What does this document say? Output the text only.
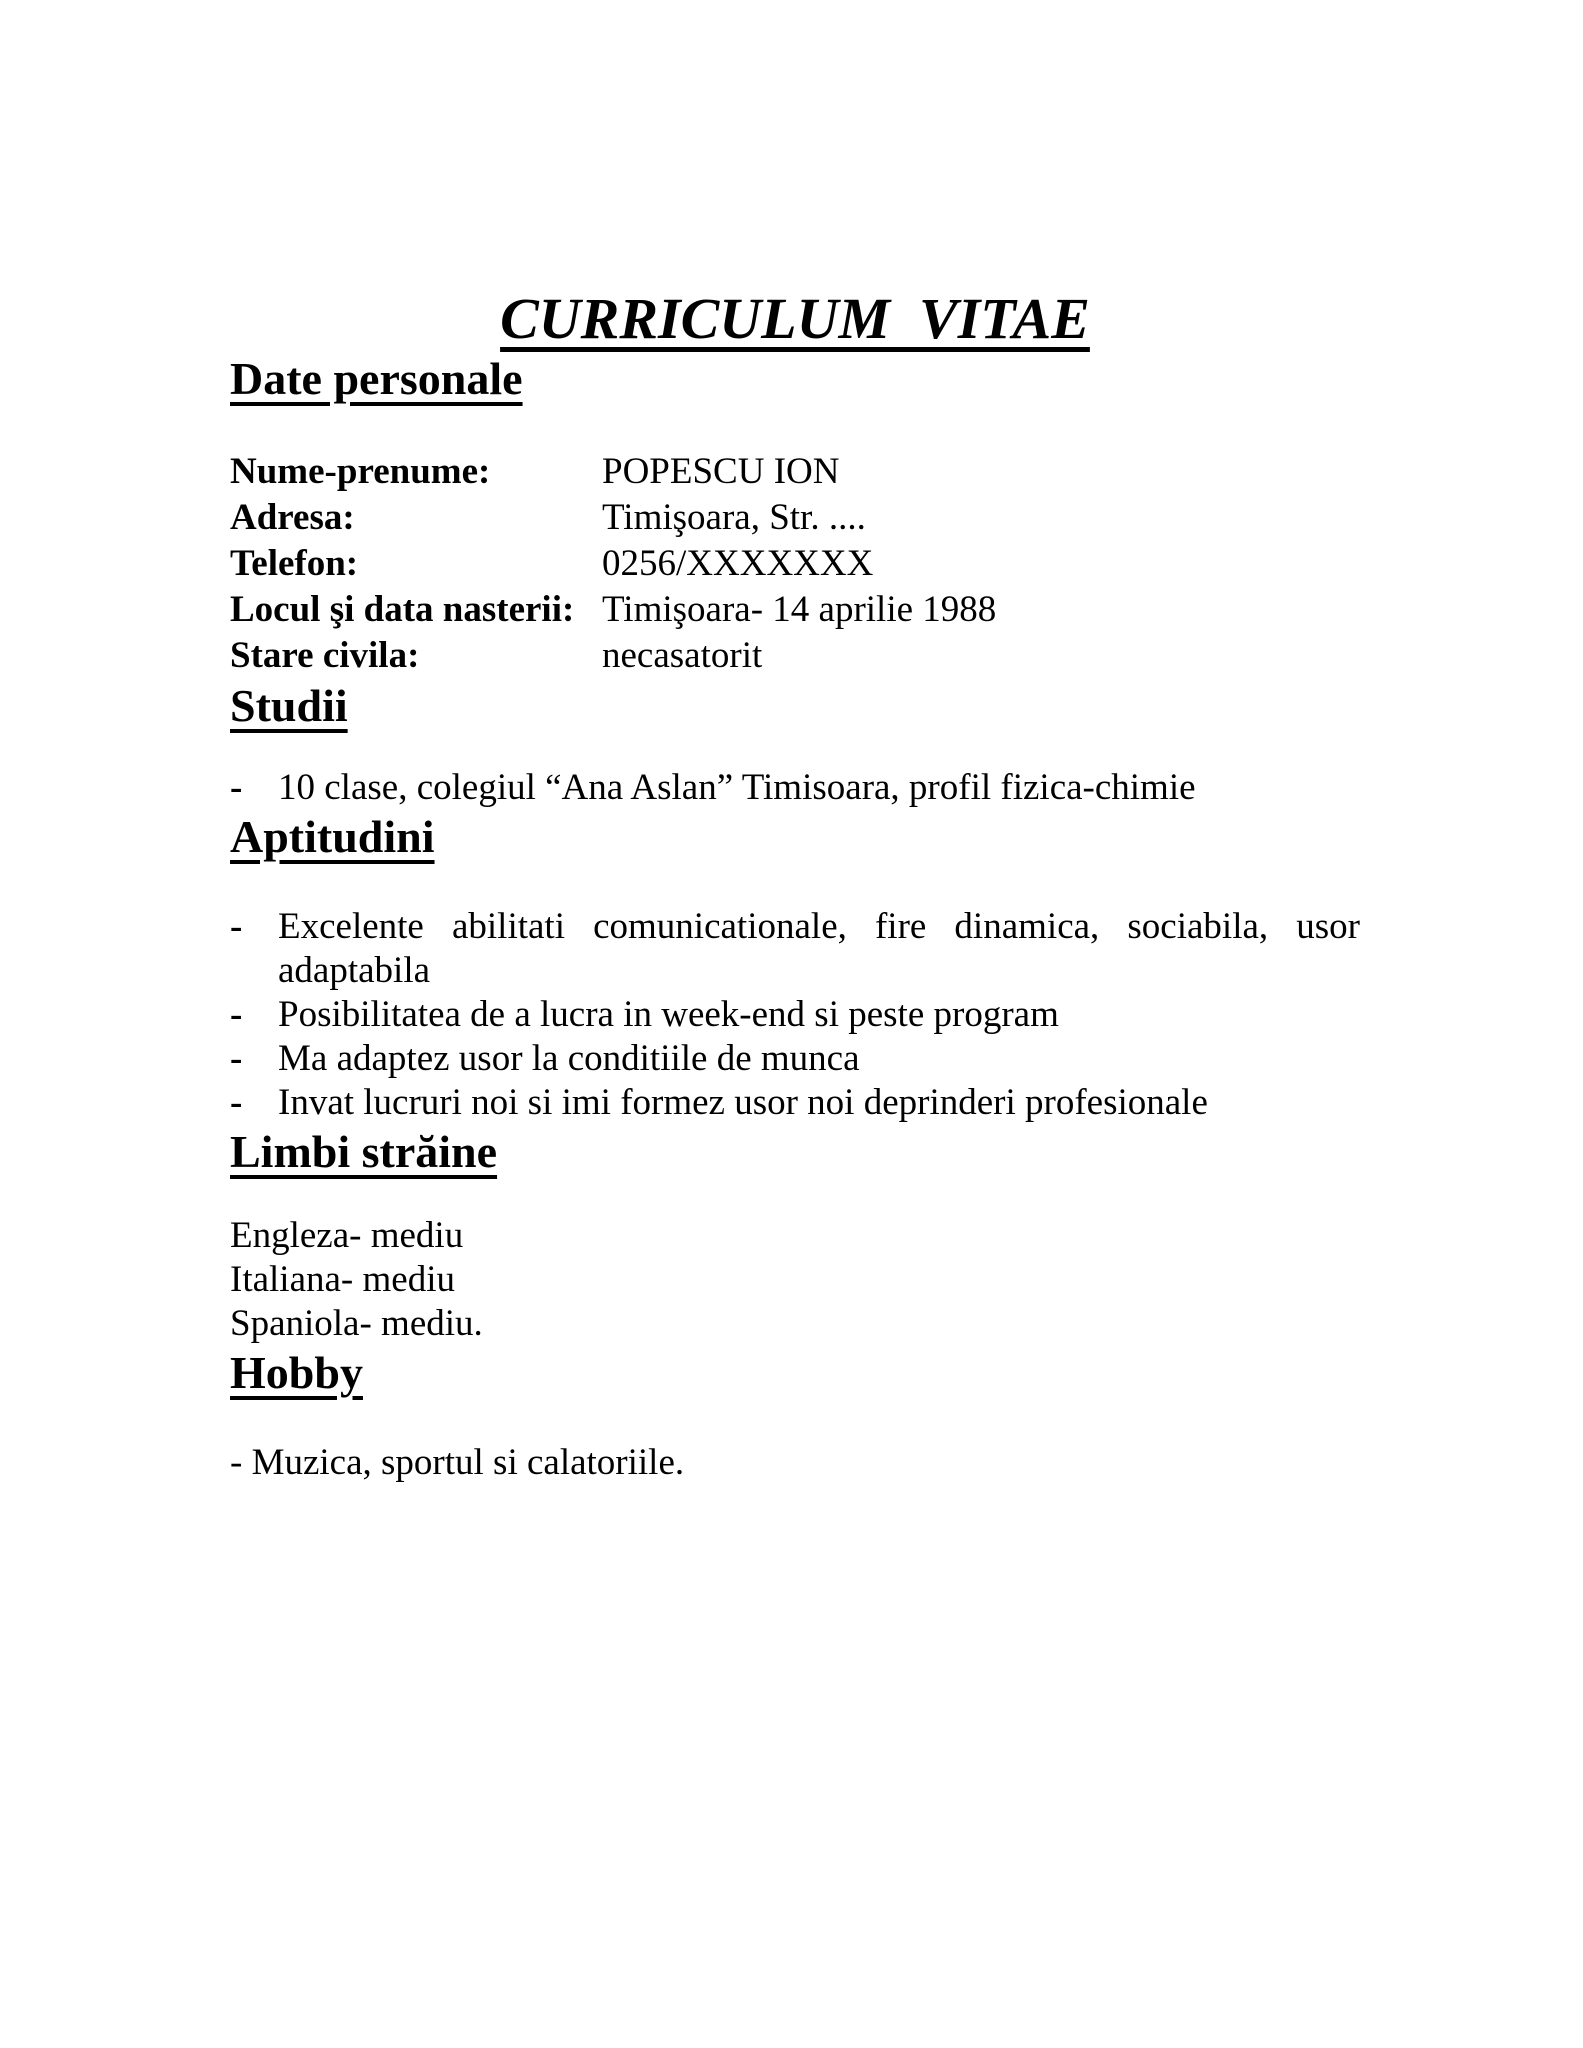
CURRICULUM  VITAE
Date personale
Nume-prenume:	POPESCU ION
Adresa:	Timişoara, Str. ....
Telefon:	0256/XXXXXXX
Locul şi data nasterii: Timişoara- 14 aprilie 1988
Stare civila:	necasatorit
Studii
- 10 clase, colegiul “Ana Aslan” Timisoara, profil fizica-chimie
Aptitudini
- Excelente abilitati comunicationale, fire dinamica, sociabila, usor adaptabila
- Posibilitatea de a lucra in week-end si peste program
- Ma adaptez usor la conditiile de munca
- Invat lucruri noi si imi formez usor noi deprinderi profesionale
Limbi străine
Engleza- mediu
Italiana- mediu
Spaniola- mediu.
Hobby
- Muzica, sportul si calatoriile.
